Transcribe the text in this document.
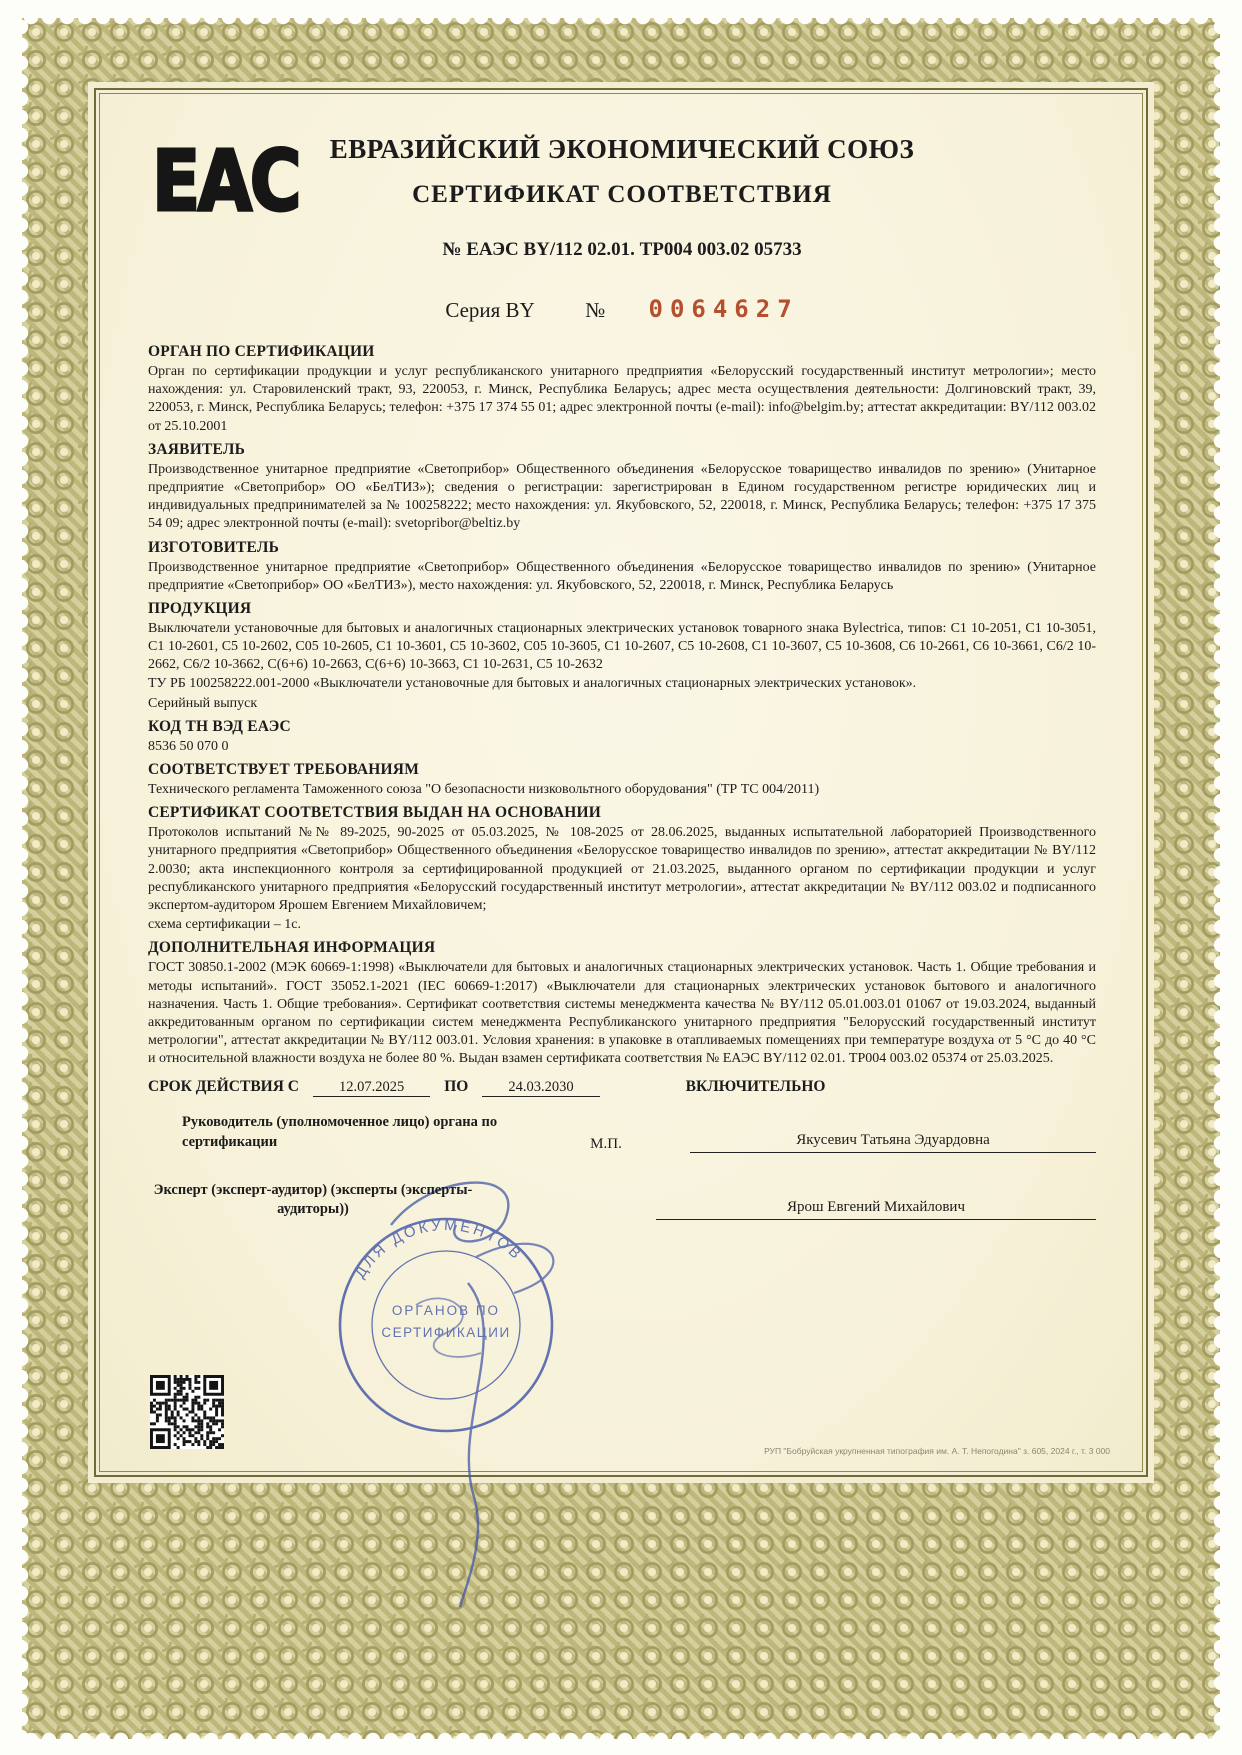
ЕАС	ЕВРАЗИЙСКИЙ ЭКОНОМИЧЕСКИЙ СОЮЗ
СЕРТИФИКАТ СООТВЕТСТВИЯ
№ ЕАЭС BY/112 02.01. ТР004 003.02 05733
Серия BY № 0064627
ОРГАН ПО СЕРТИФИКАЦИИ

Орган по сертификации продукции и услуг республиканского унитарного предприятия «Белорусский государственный институт метрологии»; место нахождения: ул. Старовиленский тракт, 93, 220053, г. Минск, Республика Беларусь; адрес места осуществления деятельности: Долгиновский тракт, 39, 220053, г. Минск, Республика Беларусь; телефон: +375 17 374 55 01; адрес электронной почты (e-mail): info@belgim.by; аттестат аккредитации: BY/112 003.02 от 25.10.2001

ЗАЯВИТЕЛЬ

Производственное унитарное предприятие «Светоприбор» Общественного объединения «Белорусское товарищество инвалидов по зрению» (Унитарное предприятие «Светоприбор» ОО «БелТИЗ»); сведения о регистрации: зарегистрирован в Едином государственном регистре юридических лиц и индивидуальных предпринимателей за № 100258222; место нахождения: ул. Якубовского, 52, 220018, г. Минск, Республика Беларусь; телефон: +375 17 375 54 09; адрес электронной почты (e-mail): svetopribor@beltiz.by

ИЗГОТОВИТЕЛЬ

Производственное унитарное предприятие «Светоприбор» Общественного объединения «Белорусское товарищество инвалидов по зрению» (Унитарное предприятие «Светоприбор» ОО «БелТИЗ»), место нахождения: ул. Якубовского, 52, 220018, г. Минск, Республика Беларусь

ПРОДУКЦИЯ

Выключатели установочные для бытовых и аналогичных стационарных электрических установок товарного знака Bylectrica, типов: С1 10-2051, С1 10-3051, С1 10-2601, С5 10-2602, С05 10-2605, С1 10-3601, С5 10-3602, С05 10-3605, С1 10-2607, С5 10-2608, С1 10-3607, С5 10-3608, С6 10-2661, С6 10-3661, С6/2 10-2662, С6/2 10-3662, С(6+6) 10-2663, С(6+6) 10-3663, С1 10-2631, С5 10-2632

ТУ РБ 100258222.001-2000 «Выключатели установочные для бытовых и аналогичных стационарных электрических установок».

Серийный выпуск

КОД ТН ВЭД ЕАЭС

8536 50 070 0

СООТВЕТСТВУЕТ ТРЕБОВАНИЯМ

Технического регламента Таможенного союза "О безопасности низковольтного оборудования" (ТР ТС 004/2011)

СЕРТИФИКАТ СООТВЕТСТВИЯ ВЫДАН НА ОСНОВАНИИ

Протоколов испытаний №№ 89-2025, 90-2025 от 05.03.2025, № 108-2025 от 28.06.2025, выданных испытательной лабораторией Производственного унитарного предприятия «Светоприбор» Общественного объединения «Белорусское товарищество инвалидов по зрению», аттестат аккредитации № BY/112 2.0030; акта инспекционного контроля за сертифицированной продукцией от 21.03.2025, выданного органом по сертификации продукции и услуг республиканского унитарного предприятия «Белорусский государственный институт метрологии», аттестат аккредитации № BY/112 003.02 и подписанного экспертом-аудитором Ярошем Евгением Михайловичем;

схема сертификации – 1с.

ДОПОЛНИТЕЛЬНАЯ ИНФОРМАЦИЯ

ГОСТ 30850.1-2002 (МЭК 60669-1:1998) «Выключатели для бытовых и аналогичных стационарных электрических установок. Часть 1. Общие требования и методы испытаний». ГОСТ 35052.1-2021 (IEC 60669-1:2017) «Выключатели для стационарных электрических установок бытового и аналогичного назначения. Часть 1. Общие требования». Сертификат соответствия системы менеджмента качества № BY/112 05.01.003.01 01067 от 19.03.2024, выданный аккредитованным органом по сертификации систем менеджмента Республиканского унитарного предприятия "Белорусский государственный институт метрологии", аттестат аккредитации № BY/112 003.01. Условия хранения: в упаковке в отапливаемых помещениях при температуре воздуха от 5 °С до 40 °С и относительной влажности воздуха не более 80 %. Выдан взамен сертификата соответствия № ЕАЭС BY/112 02.01. ТР004 003.02 05374 от 25.03.2025.

СРОК ДЕЙСТВИЯ С	12.07.2025	ПО	24.03.2030	ВКЛЮЧИТЕЛЬНО
Руководитель (уполномоченное лицо) органа по сертификации	М.П.	Якусевич Татьяна Эдуардовна
Эксперт (эксперт-аудитор) (эксперты (эксперты-аудиторы))	Ярош Евгений Михайлович
ДЛЯ ДОКУМЕНТОВ
ОРГАНОВ ПО
СЕРТИФИКАЦИИ
РУП "Бобруйская укрупненная типография им. А. Т. Непогодина" з. 605, 2024 г., т. 3 000
